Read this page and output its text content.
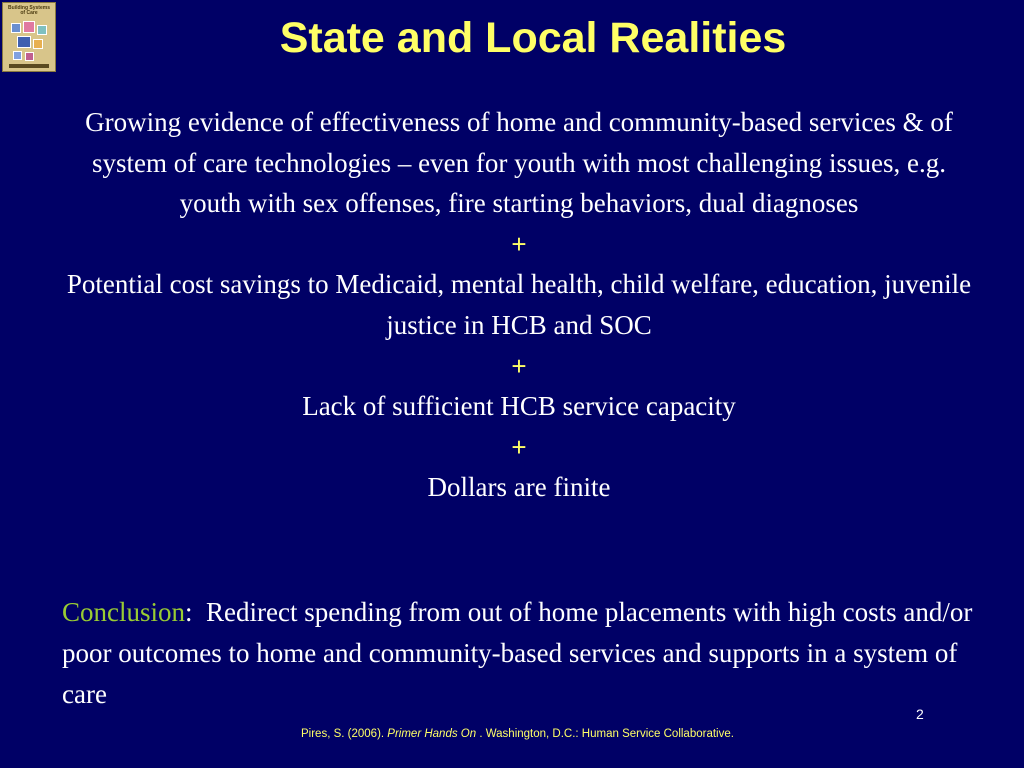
Building Systems of Care
State and Local Realities

Growing evidence of effectiveness of home and community-based services & of system of care technologies – even for youth with most challenging issues, e.g. youth with sex offenses, fire starting behaviors, dual diagnoses

+

Potential cost savings to Medicaid, mental health, child welfare, education, juvenile justice in HCB and SOC

+

Lack of sufficient HCB service capacity

+

Dollars are finite

Conclusion:  Redirect spending from out of home placements with high costs and/or poor outcomes to home and community-based services and supports in a system of care

2
Pires, S. (2006). Primer Hands On . Washington, D.C.: Human Service Collaborative.
